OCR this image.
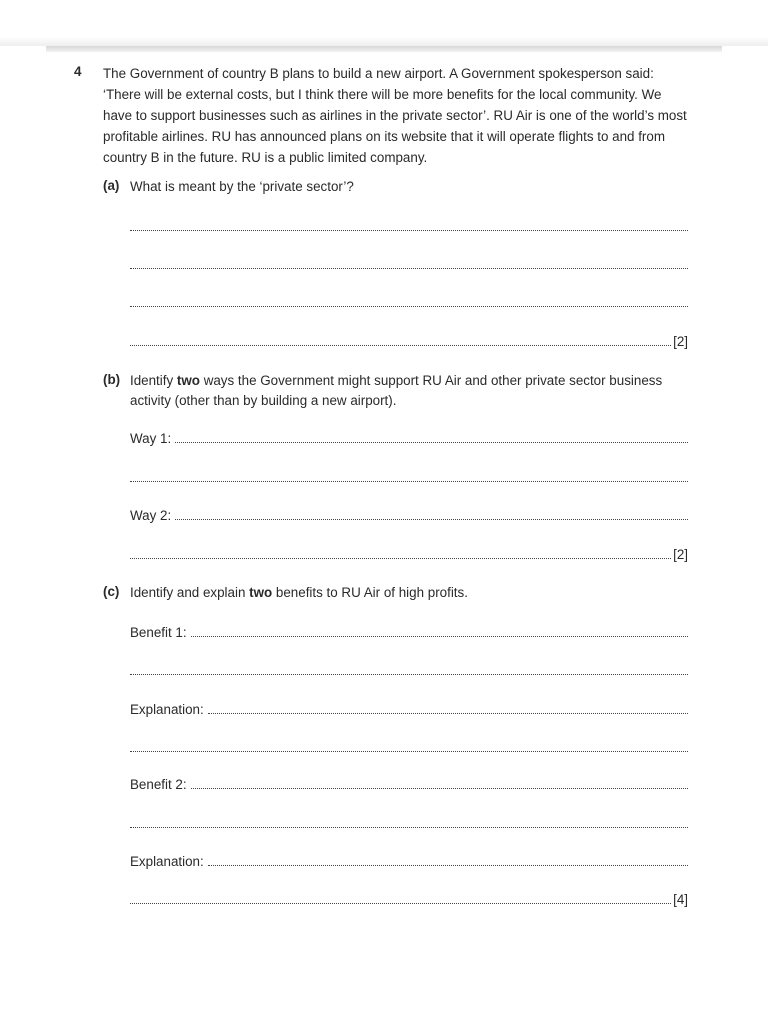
4 The Government of country B plans to build a new airport. A Government spokesperson said:
‘There will be external costs, but I think there will be more benefits for the local community. We
have to support businesses such as airlines in the private sector’. RU Air is one of the world’s most
profitable airlines. RU has announced plans on its website that it will operate flights to and from
country B in the future. RU is a public limited company.

(a) What is meant by the ‘private sector’?

[2]
(b) Identify two ways the Government might support RU Air and other private sector business
activity (other than by building a new airport).

Way 1:
Way 2:
[2]
(c) Identify and explain two benefits to RU Air of high profits.

Benefit 1:
Explanation:
Benefit 2:
Explanation:
[4]
